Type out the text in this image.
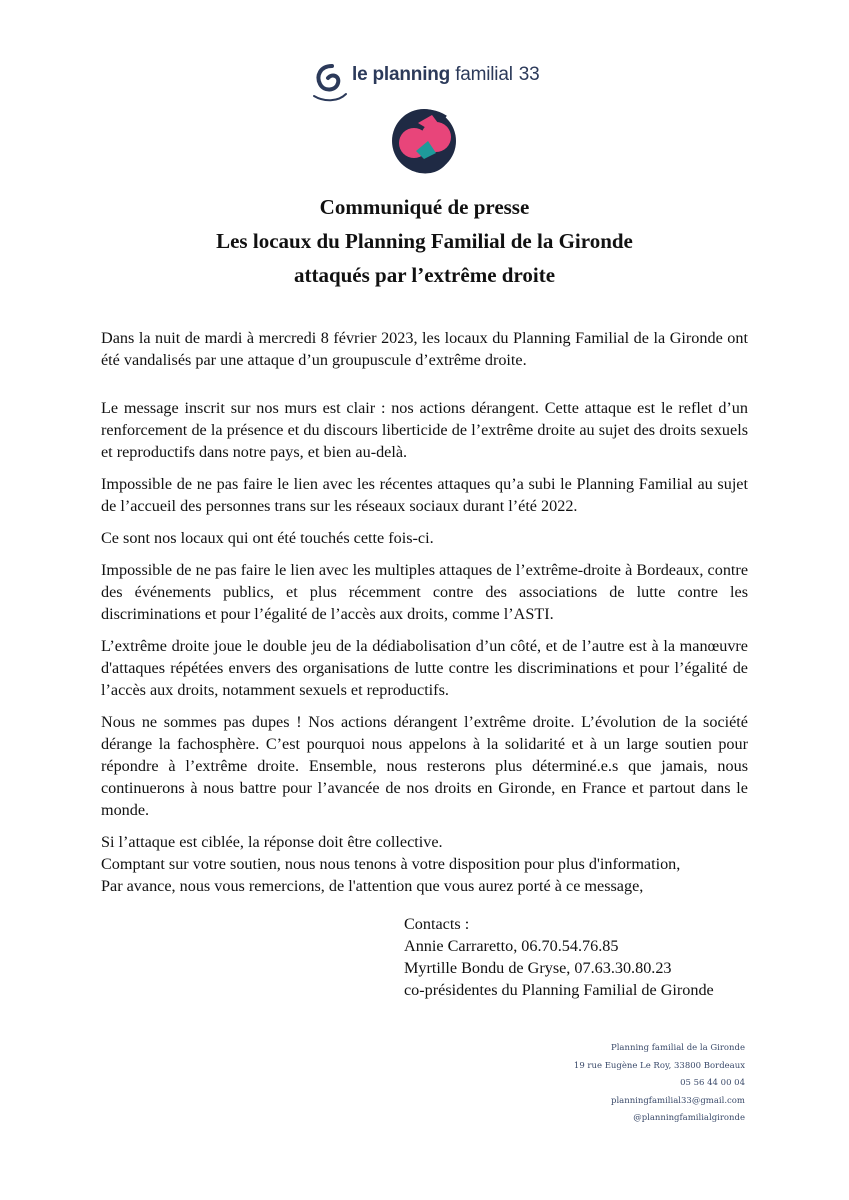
le planning familial 33
Communiqué de presse
Les locaux du Planning Familial de la Gironde
attaqués par l’extrême droite

Dans la nuit de mardi à mercredi 8 février 2023, les locaux du Planning Familial de la Gironde ont été vandalisés par une attaque d’un groupuscule d’extrême droite.

Le message inscrit sur nos murs est clair : nos actions dérangent. Cette attaque est le reflet d’un renforcement de la présence et du discours liberticide de l’extrême droite au sujet des droits sexuels et reproductifs dans notre pays, et bien au-delà.

Impossible de ne pas faire le lien avec les récentes attaques qu’a subi le Planning Familial au sujet de l’accueil des personnes trans sur les réseaux sociaux durant l’été 2022.

Ce sont nos locaux qui ont été touchés cette fois-ci.

Impossible de ne pas faire le lien avec les multiples attaques de l’extrême-droite à Bordeaux, contre des événements publics, et plus récemment contre des associations de lutte contre les discriminations et pour l’égalité de l’accès aux droits, comme l’ASTI.

L’extrême droite joue le double jeu de la dédiabolisation d’un côté, et de l’autre est à la manœuvre d'attaques répétées envers des organisations de lutte contre les discriminations et pour l’égalité de l’accès aux droits, notamment sexuels et reproductifs.

Nous ne sommes pas dupes ! Nos actions dérangent l’extrême droite. L’évolution de la société dérange la fachosphère. C’est pourquoi nous appelons à la solidarité et à un large soutien pour répondre à l’extrême droite. Ensemble, nous resterons plus déterminé.e.s que jamais, nous continuerons à nous battre pour l’avancée de nos droits en Gironde, en France et partout dans le monde.

Si l’attaque est ciblée, la réponse doit être collective.

Comptant sur votre soutien, nous nous tenons à votre disposition pour plus d'information,

Par avance, nous vous remercions, de l'attention que vous aurez porté à ce message,

Contacts :
Annie Carraretto, 06.70.54.76.85
Myrtille Bondu de Gryse, 07.63.30.80.23
co-présidentes du Planning Familial de Gironde
Planning familial de la Gironde
19 rue Eugène Le Roy, 33800 Bordeaux
05 56 44 00 04
planningfamilial33@gmail.com
@planningfamilialgironde
